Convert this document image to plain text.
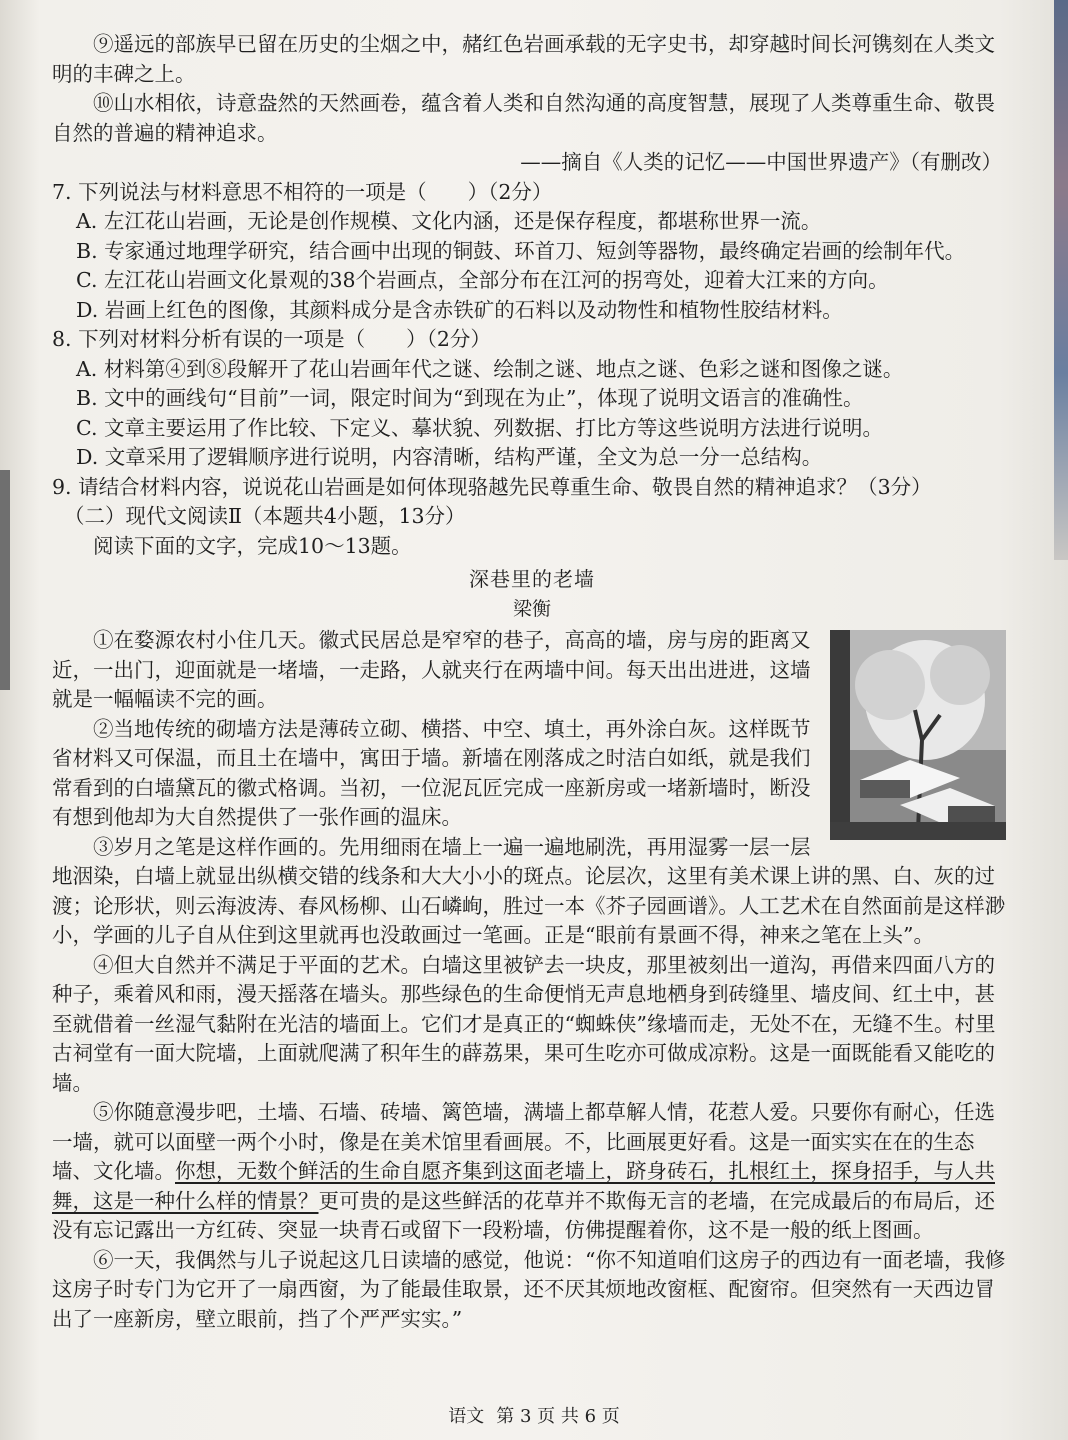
⑨遥远的部族早已留在历史的尘烟之中，赭红色岩画承载的无字史书，却穿越时间长河镌刻在人类文明的丰碑之上。

⑩山水相依，诗意盎然的天然画卷，蕴含着人类和自然沟通的高度智慧，展现了人类尊重生命、敬畏自然的普遍的精神追求。

——摘自《人类的记忆——中国世界遗产》（有删改）

7. 下列说法与材料意思不相符的一项是（　　）（2分）

A. 左江花山岩画，无论是创作规模、文化内涵，还是保存程度，都堪称世界一流。

B. 专家通过地理学研究，结合画中出现的铜鼓、环首刀、短剑等器物，最终确定岩画的绘制年代。

C. 左江花山岩画文化景观的38个岩画点，全部分布在江河的拐弯处，迎着大江来的方向。

D. 岩画上红色的图像，其颜料成分是含赤铁矿的石料以及动物性和植物性胶结材料。

8. 下列对材料分析有误的一项是（　　）（2分）

A. 材料第④到⑧段解开了花山岩画年代之谜、绘制之谜、地点之谜、色彩之谜和图像之谜。

B. 文中的画线句“目前”一词，限定时间为“到现在为止”，体现了说明文语言的准确性。

C. 文章主要运用了作比较、下定义、摹状貌、列数据、打比方等这些说明方法进行说明。

D. 文章采用了逻辑顺序进行说明，内容清晰，结构严谨，全文为总一分一总结构。

9. 请结合材料内容，说说花山岩画是如何体现骆越先民尊重生命、敬畏自然的精神追求？（3分）

（二）现代文阅读Ⅱ（本题共4小题，13分）

阅读下面的文字，完成10～13题。

深巷里的老墙

梁衡

①在婺源农村小住几天。徽式民居总是窄窄的巷子，高高的墙，房与房的距离又近，一出门，迎面就是一堵墙，一走路，人就夹行在两墙中间。每天出出进进，这墙就是一幅幅读不完的画。

②当地传统的砌墙方法是薄砖立砌、横搭、中空、填土，再外涂白灰。这样既节省材料又可保温，而且土在墙中，寓田于墙。新墙在刚落成之时洁白如纸，就是我们常看到的白墙黛瓦的徽式格调。当初，一位泥瓦匠完成一座新房或一堵新墙时，断没有想到他却为大自然提供了一张作画的温床。

③岁月之笔是这样作画的。先用细雨在墙上一遍一遍地刷洗，再用湿雾一层一层地洇染，白墙上就显出纵横交错的线条和大大小小的斑点。论层次，这里有美术课上讲的黑、白、灰的过渡；论形状，则云海波涛、春风杨柳、山石嶙峋，胜过一本《芥子园画谱》。人工艺术在自然面前是这样渺小，学画的儿子自从住到这里就再也没敢画过一笔画。正是“眼前有景画不得，神来之笔在上头”。

④但大自然并不满足于平面的艺术。白墙这里被铲去一块皮，那里被刻出一道沟，再借来四面八方的种子，乘着风和雨，漫天摇落在墙头。那些绿色的生命便悄无声息地栖身到砖缝里、墙皮间、红土中，甚至就借着一丝湿气黏附在光洁的墙面上。它们才是真正的“蜘蛛侠”缘墙而走，无处不在，无缝不生。村里古祠堂有一面大院墙，上面就爬满了积年生的薜荔果，果可生吃亦可做成凉粉。这是一面既能看又能吃的墙。

⑤你随意漫步吧，土墙、石墙、砖墙、篱笆墙，满墙上都草解人情，花惹人爱。只要你有耐心，任选一墙，就可以面壁一两个小时，像是在美术馆里看画展。不，比画展更好看。这是一面实实在在的生态墙、文化墙。你想，无数个鲜活的生命自愿齐集到这面老墙上，跻身砖石，扎根红土，探身招手，与人共舞，这是一种什么样的情景？更可贵的是这些鲜活的花草并不欺侮无言的老墙，在完成最后的布局后，还没有忘记露出一方红砖、突显一块青石或留下一段粉墙，仿佛提醒着你，这不是一般的纸上图画。

⑥一天，我偶然与儿子说起这几日读墙的感觉，他说：“你不知道咱们这房子的西边有一面老墙，我修这房子时专门为它开了一扇西窗，为了能最佳取景，还不厌其烦地改窗框、配窗帘。但突然有一天西边冒出了一座新房，壁立眼前，挡了个严严实实。”

语文 第 3 页 共 6 页
